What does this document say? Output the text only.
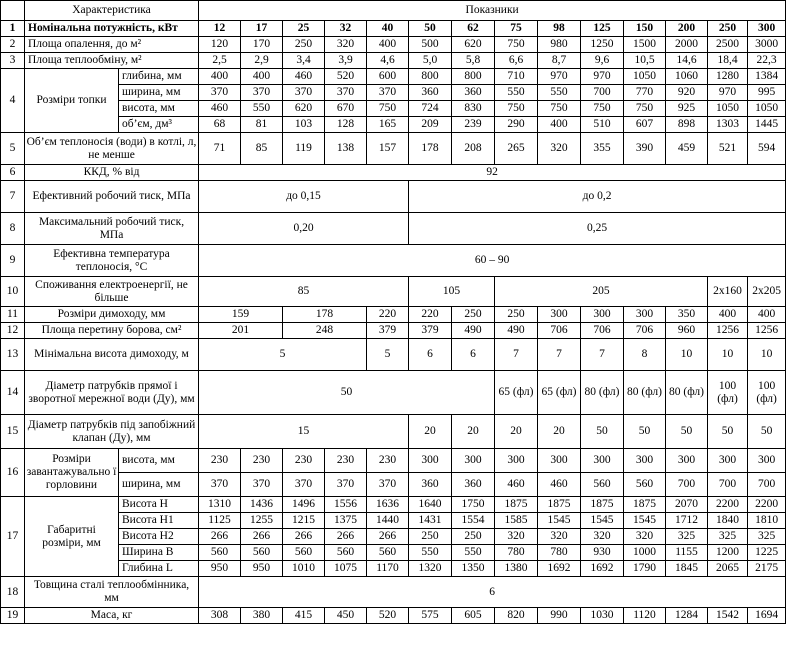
	Характеристика		Показники													
1	Номінальна потужність, кВт		12	17	25	32	40	50	62	75	98	125	150	200	250	300
2	Площа опалення, до м²		120	170	250	320	400	500	620	750	980	1250	1500	2000	2500	3000
3	Площа теплообміну, м²		2,5	2,9	3,4	3,9	4,6	5,0	5,8	6,6	8,7	9,6	10,5	14,6	18,4	22,3
4	Розміри топки	глибина, мм	400	400	460	520	600	800	800	710	970	970	1050	1060	1280	1384
		ширина, мм	370	370	370	370	370	360	360	550	550	700	770	920	970	995
		висота, мм	460	550	620	670	750	724	830	750	750	750	750	925	1050	1050
		об’єм, дм³	68	81	103	128	165	209	239	290	400	510	607	898	1303	1445
5	Об’єм теплоносія (води) в котлі, л, не менше		71	85	119	138	157	178	208	265	320	355	390	459	521	594
6	ККД, % від		92													
7	Ефективний робочий тиск, МПа		до 0,15					до 0,2								
8	Максимальний робочий тиск, МПа		0,20					0,25								
9	Ефективна температура теплоносія, °С		60 – 90													
10	Споживання електроенергії, не більше		85					105		205					2х160	2х205
11	Розміри димоходу, мм		159		178		220	220	250	250	300	300	300	350	400	400
12	Площа перетину борова, см²		201		248		379	379	490	490	706	706	706	960	1256	1256
13	Мінімальна висота димоходу, м		5				5	6	6	7	7	7	8	10	10	10
14	Діаметр патрубків прямої і зворотної мережної води (Ду), мм		50							65 (фл)	65 (фл)	80 (фл)	80 (фл)	80 (фл)	100 (фл)	100 (фл)
15	Діаметр патрубків під запобіжний клапан (Ду), мм		15					20	20	20	20	50	50	50	50	50
16	Розміри завантажувально ї горловини	висота, мм	230	230	230	230	230	300	300	300	300	300	300	300	300	300
		ширина, мм	370	370	370	370	370	360	360	460	460	560	560	700	700	700
17	Габаритні розміри, мм	Висота Н	1310	1436	1496	1556	1636	1640	1750	1875	1875	1875	1875	2070	2200	2200
		Висота Н1	1125	1255	1215	1375	1440	1431	1554	1585	1545	1545	1545	1712	1840	1810
		Висота Н2	266	266	266	266	266	250	250	320	320	320	320	325	325	325
		Ширина В	560	560	560	560	560	550	550	780	780	930	1000	1155	1200	1225
		Глибина L	950	950	1010	1075	1170	1320	1350	1380	1692	1692	1790	1845	2065	2175
18	Товщина сталі теплообмінника, мм		6													
19	Маса, кг		308	380	415	450	520	575	605	820	990	1030	1120	1284	1542	1694
